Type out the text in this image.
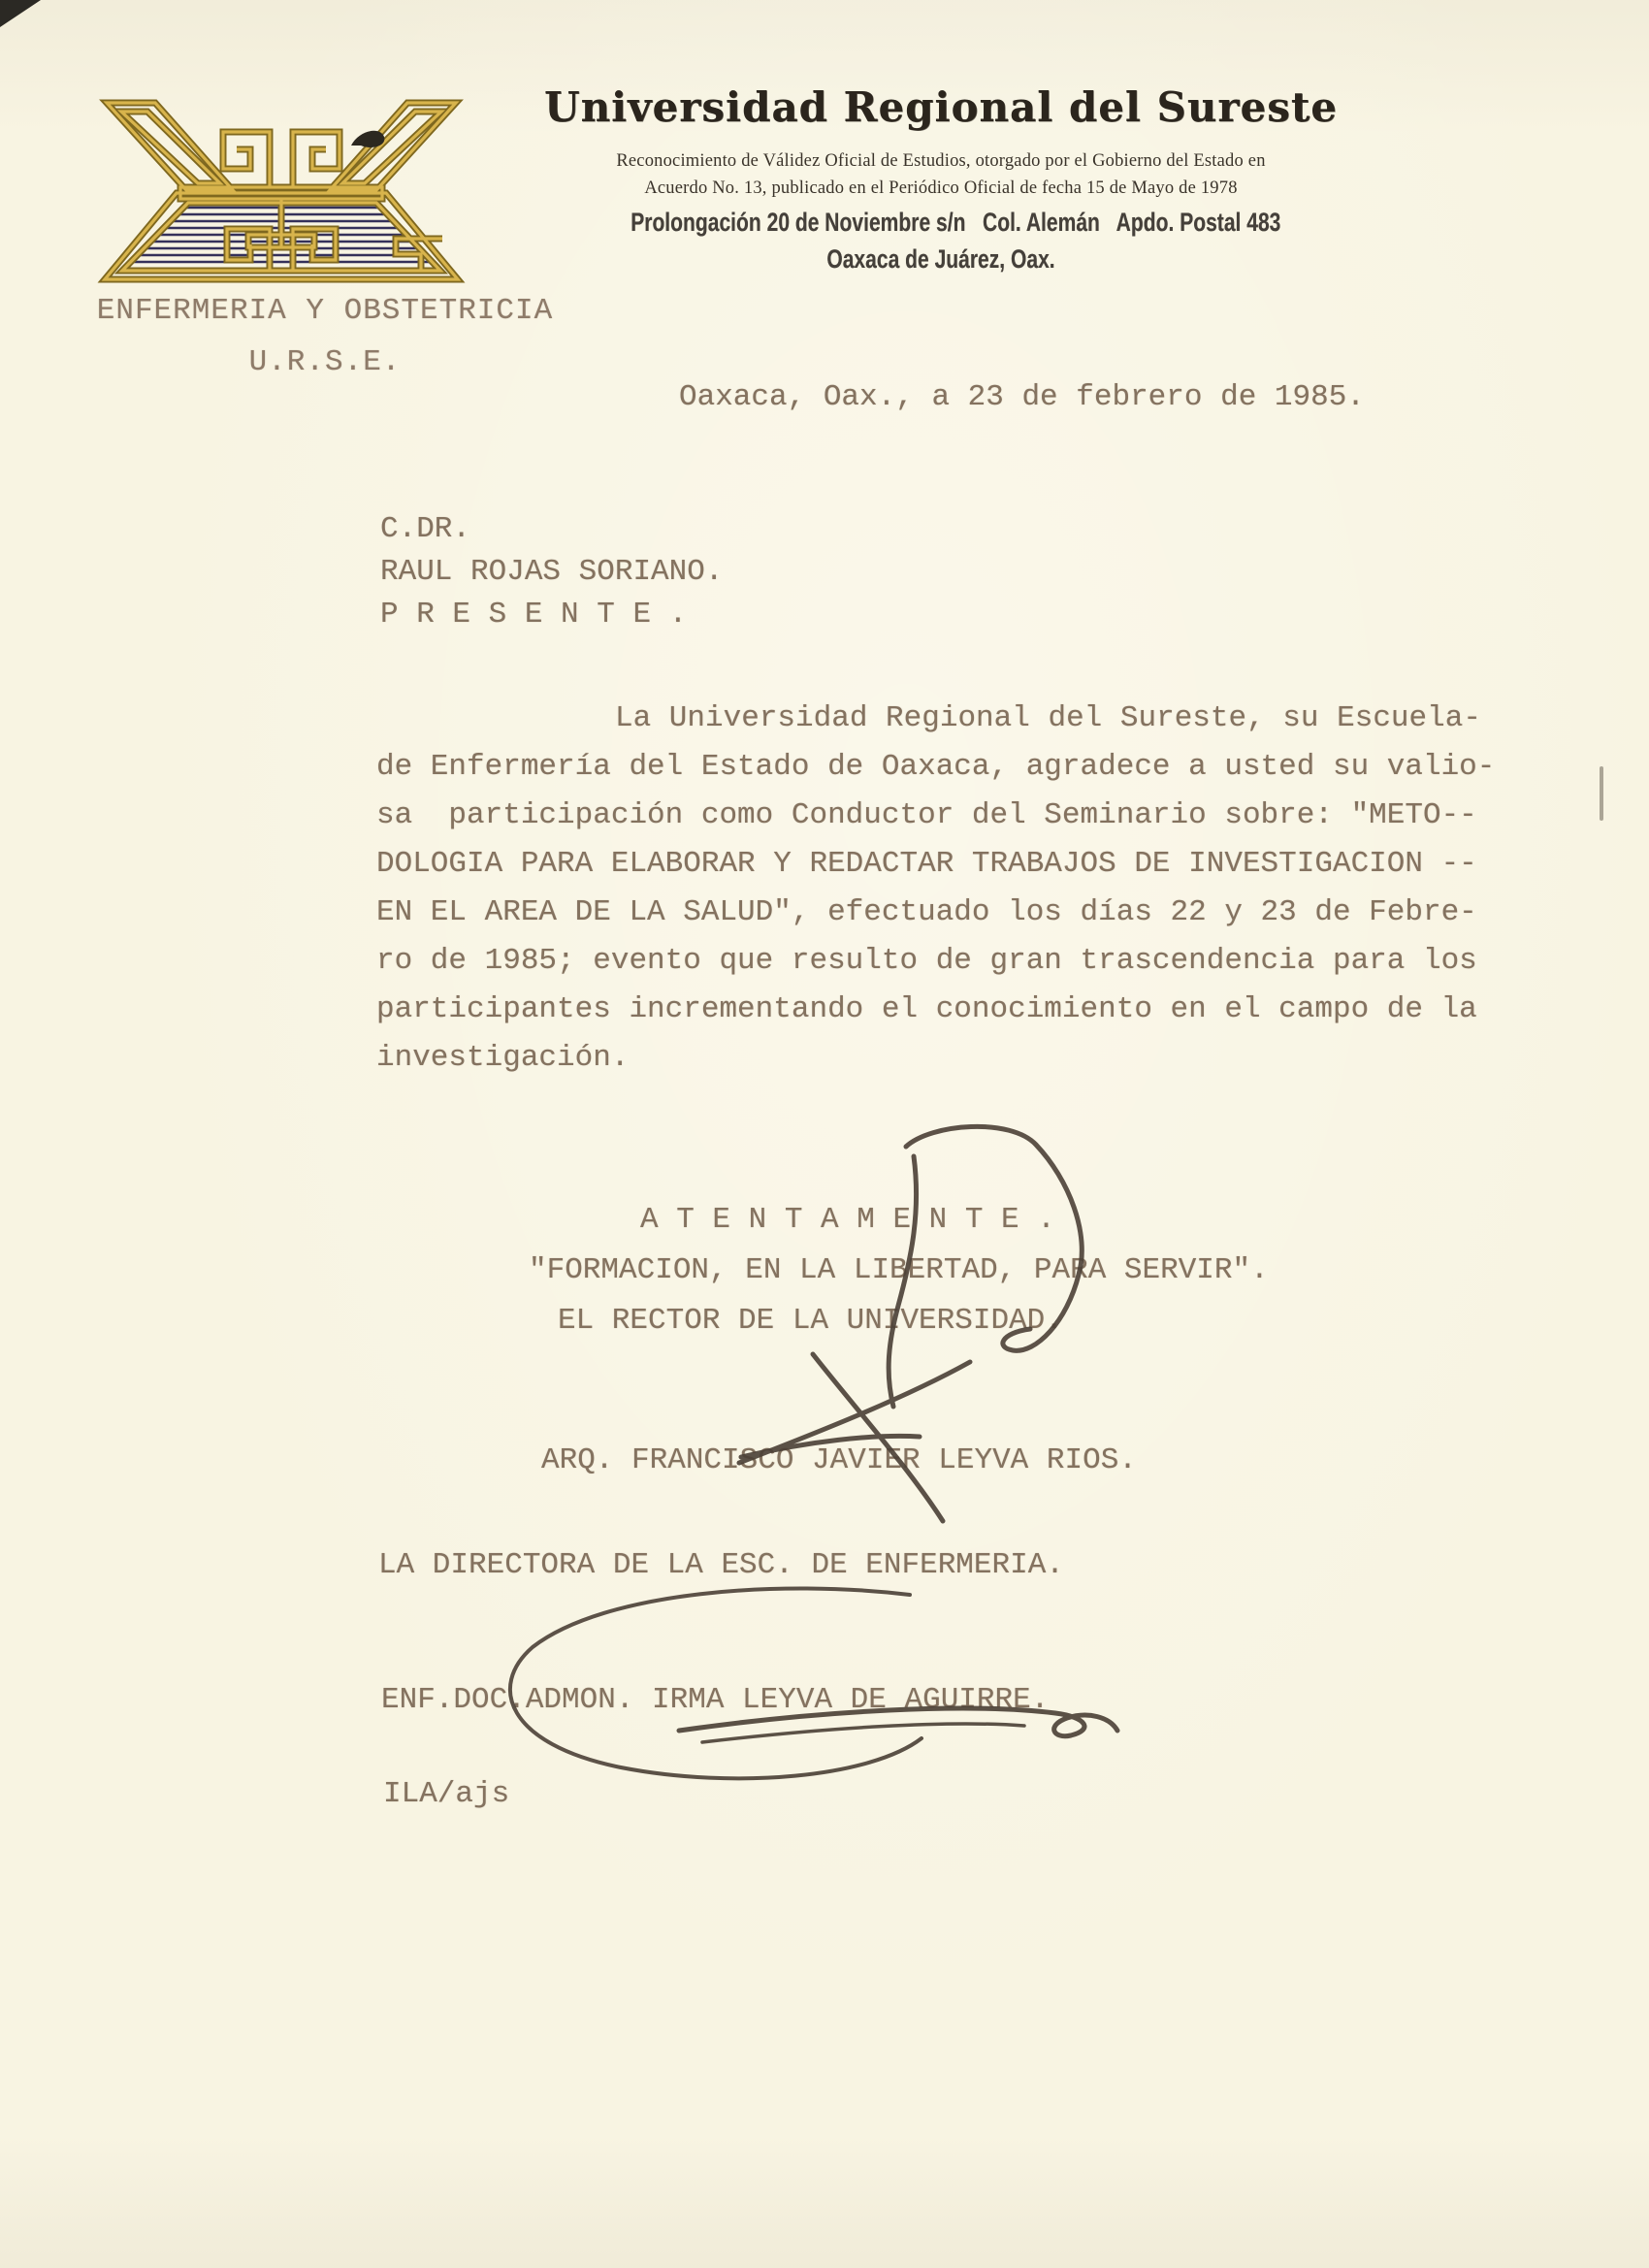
Universidad Regional del Sureste
Reconocimiento de Válidez Oficial de Estudios, otorgado por el Gobierno del Estado en
Acuerdo No. 13, publicado en el Periódico Oficial de fecha 15 de Mayo de 1978
Prolongación 20 de Noviembre s/n   Col. Alemán   Apdo. Postal 483
Oaxaca de Juárez, Oax.
ENFERMERIA Y OBSTETRICIA
U.R.S.E.
Oaxaca, Oax., a 23 de febrero de 1985.
C.DR.
RAUL ROJAS SORIANO.
P R E S E N T E .
La Universidad Regional del Sureste, su Escuela-
de Enfermería del Estado de Oaxaca, agradece a usted su valio-
sa  participación como Conductor del Seminario sobre: "METO--
DOLOGIA PARA ELABORAR Y REDACTAR TRABAJOS DE INVESTIGACION --
EN EL AREA DE LA SALUD", efectuado los días 22 y 23 de Febre-
ro de 1985; evento que resulto de gran trascendencia para los
participantes incrementando el conocimiento en el campo de la
investigación.
A T E N T A M E N T E .
"FORMACION, EN LA LIBERTAD, PARA SERVIR".
EL RECTOR DE LA UNIVERSIDAD.
ARQ. FRANCISCO JAVIER LEYVA RIOS.
LA DIRECTORA DE LA ESC. DE ENFERMERIA.
ENF.DOC.ADMON. IRMA LEYVA DE AGUIRRE.
ILA/ajs
